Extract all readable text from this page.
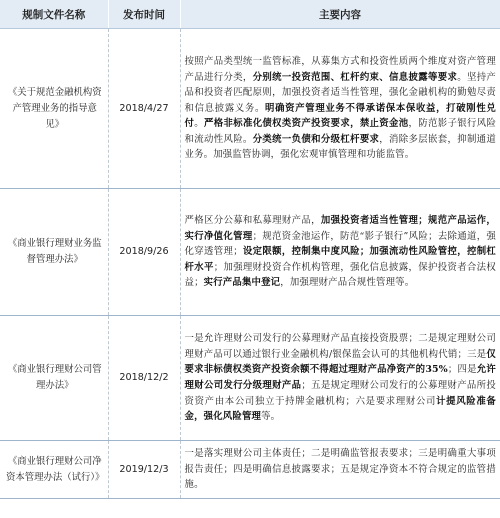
规制文件名称	发布时间	主要内容
《关于规范金融机构资产管理业务的指导意见》	2018/4/27	按照产品类型统一监管标准，从募集方式和投资性质两个维度对资产管理产品进行分类，分别统一投资范围、杠杆约束、信息披露等要求。坚持产品和投资者匹配原则，加强投资者适当性管理，强化金融机构的勤勉尽责和信息披露义务。明确资产管理业务不得承诺保本保收益，打破刚性兑付。严格非标准化债权类资产投资要求，禁止资金池，防范影子银行风险和流动性风险。分类统一负债和分级杠杆要求，消除多层嵌套，抑制通道业务。加强监管协调，强化宏观审慎管理和功能监管。
《商业银行理财业务监督管理办法》	2018/9/26	严格区分公募和私募理财产品，加强投资者适当性管理；规范产品运作，实行净值化管理；规范资金池运作，防范“影子银行”风险；去除通道，强化穿透管理；设定限额，控制集中度风险；加强流动性风险管控，控制杠杆水平；加强理财投资合作机构管理，强化信息披露，保护投资者合法权益；实行产品集中登记，加强理财产品合规性管理等。
《商业银行理财公司管理办法》	2018/12/2	一是允许理财公司发行的公募理财产品直接投资股票；二是规定理财公司理财产品可以通过银行业金融机构/银保监会认可的其他机构代销；三是仅要求非标债权类资产投资余额不得超过理财产品净资产的35%；四是允许理财公司发行分级理财产品；五是规定理财公司发行的公募理财产品所投资资产由本公司独立于持牌金融机构；六是要求理财公司计提风险准备金，强化风险管理等。
《商业银行理财公司净资本管理办法（试行）》	2019/12/3	一是落实理财公司主体责任；二是明确监管报表要求；三是明确重大事项报告责任；四是明确信息披露要求；五是规定净资本不符合规定的监管措施。
